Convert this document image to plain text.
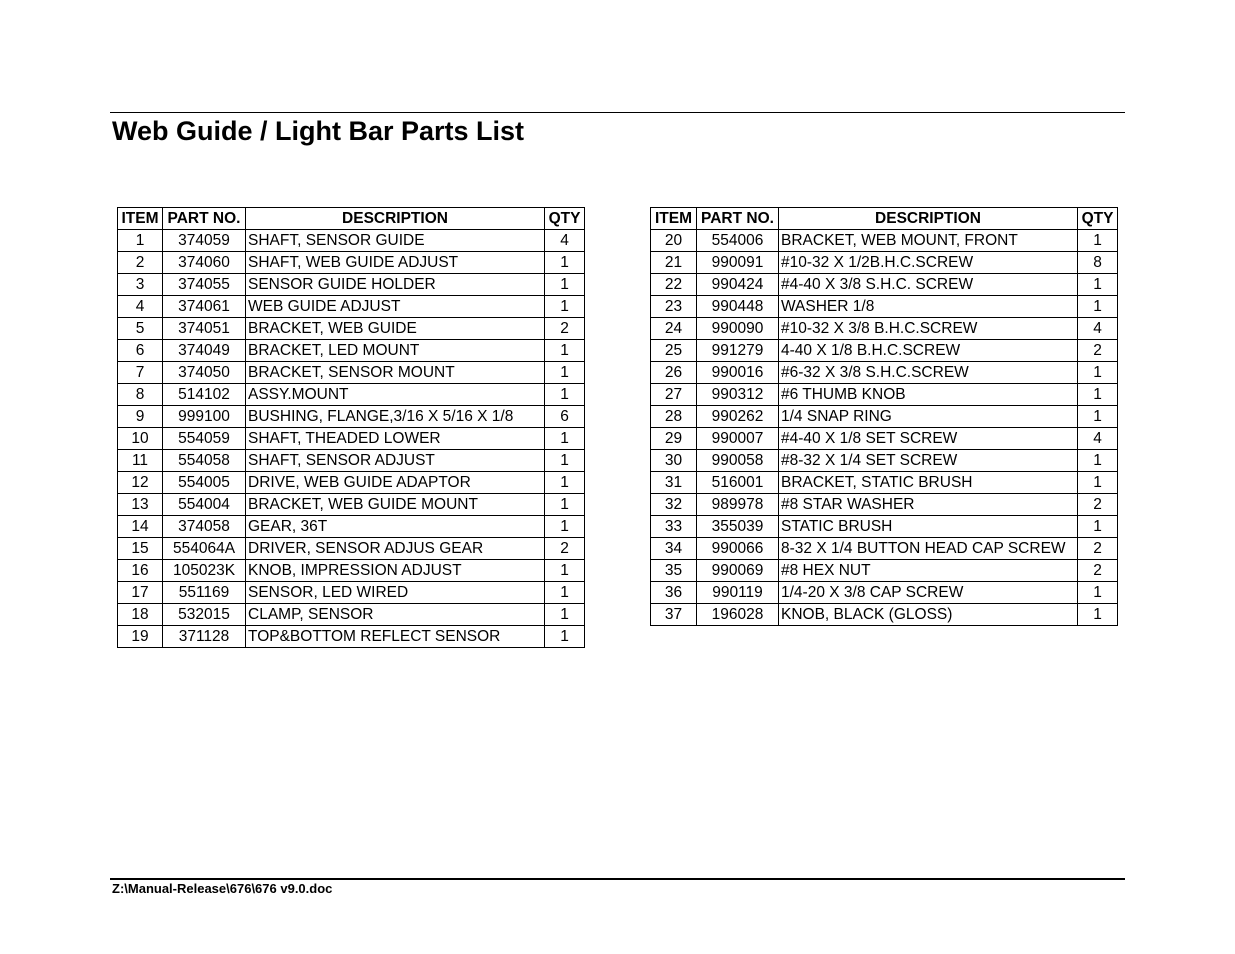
Web Guide / Light Bar Parts List
ITEM	PART NO.	DESCRIPTION	QTY
1	374059	SHAFT, SENSOR GUIDE	4
2	374060	SHAFT, WEB GUIDE ADJUST	1
3	374055	SENSOR GUIDE HOLDER	1
4	374061	WEB GUIDE ADJUST	1
5	374051	BRACKET, WEB GUIDE	2
6	374049	BRACKET, LED MOUNT	1
7	374050	BRACKET, SENSOR MOUNT	1
8	514102	ASSY.MOUNT	1
9	999100	BUSHING, FLANGE,3/16 X 5/16 X 1/8	6
10	554059	SHAFT, THEADED LOWER	1
11	554058	SHAFT, SENSOR ADJUST	1
12	554005	DRIVE, WEB GUIDE ADAPTOR	1
13	554004	BRACKET, WEB GUIDE MOUNT	1
14	374058	GEAR, 36T	1
15	554064A	DRIVER, SENSOR ADJUS GEAR	2
16	105023K	KNOB, IMPRESSION ADJUST	1
17	551169	SENSOR, LED WIRED	1
18	532015	CLAMP, SENSOR	1
19	371128	TOP&BOTTOM REFLECT SENSOR	1
ITEM	PART NO.	DESCRIPTION	QTY
20	554006	BRACKET, WEB MOUNT, FRONT	1
21	990091	#10-32 X 1/2B.H.C.SCREW	8
22	990424	#4-40 X 3/8 S.H.C. SCREW	1
23	990448	WASHER 1/8	1
24	990090	#10-32 X 3/8 B.H.C.SCREW	4
25	991279	4-40 X 1/8 B.H.C.SCREW	2
26	990016	#6-32 X 3/8 S.H.C.SCREW	1
27	990312	#6 THUMB KNOB	1
28	990262	1/4 SNAP RING	1
29	990007	#4-40 X 1/8 SET SCREW	4
30	990058	#8-32 X 1/4 SET SCREW	1
31	516001	BRACKET, STATIC BRUSH	1
32	989978	#8 STAR WASHER	2
33	355039	STATIC BRUSH	1
34	990066	8-32 X 1/4 BUTTON HEAD CAP SCREW	2
35	990069	#8 HEX NUT	2
36	990119	1/4-20 X 3/8 CAP SCREW	1
37	196028	KNOB, BLACK (GLOSS)	1
Z:\Manual-Release\676\676 v9.0.doc
